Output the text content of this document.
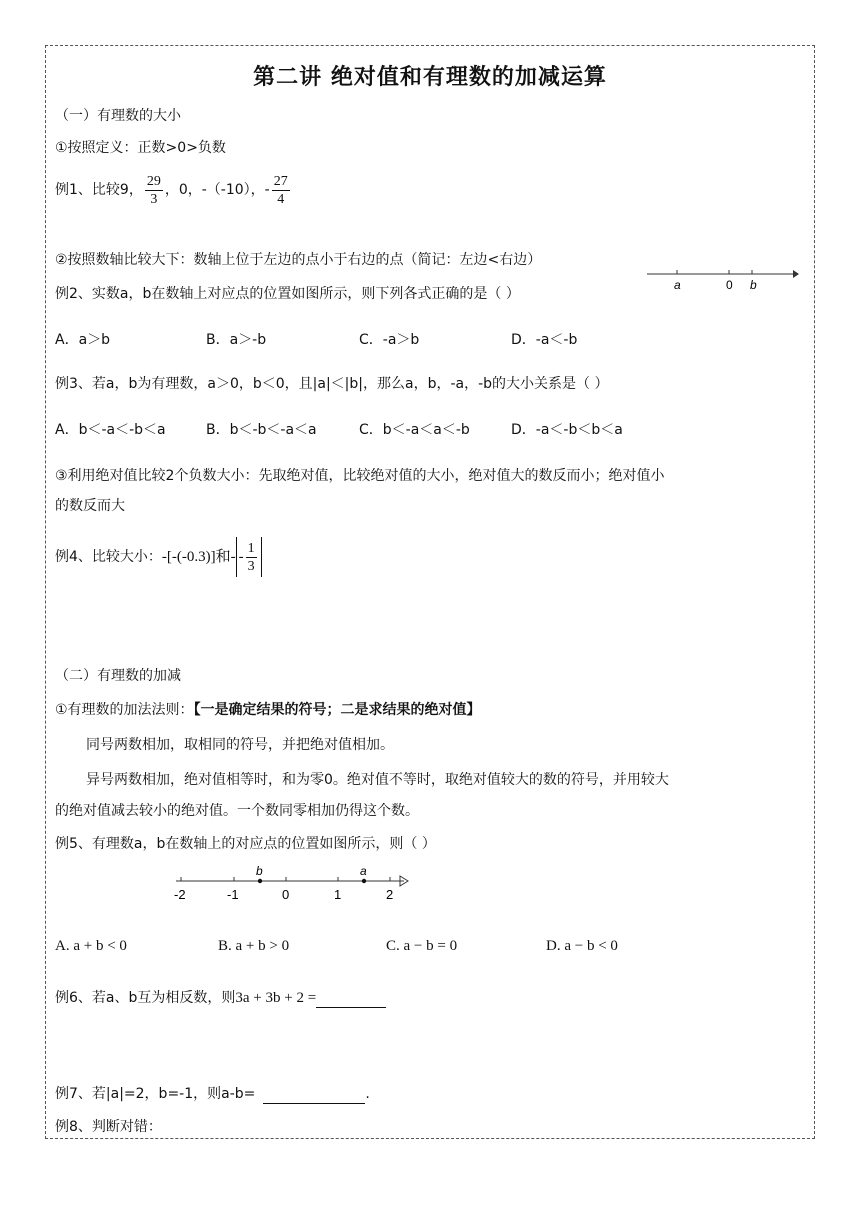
第二讲 绝对值和有理数的加减运算
（一）有理数的大小
①按照定义：正数>0>负数
例1、比较9， $\frac{29}{3}$ ，0，-（-10），- $\frac{27}{4}$
②按照数轴比较大下：数轴上位于左边的点小于右边的点（简记：左边<右边）
a	0 b
例2、实数a，b在数轴上对应点的位置如图所示，则下列各式正确的是（ ）
A．a＞b	B．a＞-b	C．-a＞b	D．-a＜-b
例3、若a，b为有理数，a＞0，b＜0，且|a|＜|b|，那么a，b，-a，-b的大小关系是（ ）
A．b＜-a＜-b＜a	B．b＜-b＜-a＜a	C．b＜-a＜a＜-b	D．-a＜-b＜b＜a
③利用绝对值比较2个负数大小：先取绝对值，比较绝对值的大小，绝对值大的数反而小；绝对值小
的数反而大
例4、比较大小：-[-(-0.3)]和- - $\frac{1}{3}$
（二）有理数的加减
①有理数的加法法则：【一是确定结果的符号；二是求结果的绝对值】
同号两数相加，取相同的符号，并把绝对值相加。
异号两数相加，绝对值相等时，和为零0。绝对值不等时，取绝对值较大的数的符号，并用较大
的绝对值减去较小的绝对值。一个数同零相加仍得这个数。
例5、有理数a，b在数轴上的对应点的位置如图所示，则（ ）
b	a
-2	-1	0	1	2
A. a + b < 0	B. a + b > 0	C. a − b = 0	D. a − b < 0
例6、若a、b互为相反数，则3a + 3b + 2 =
例7、若|a|=2，b=-1，则a-b=	.
例8、判断对错：
